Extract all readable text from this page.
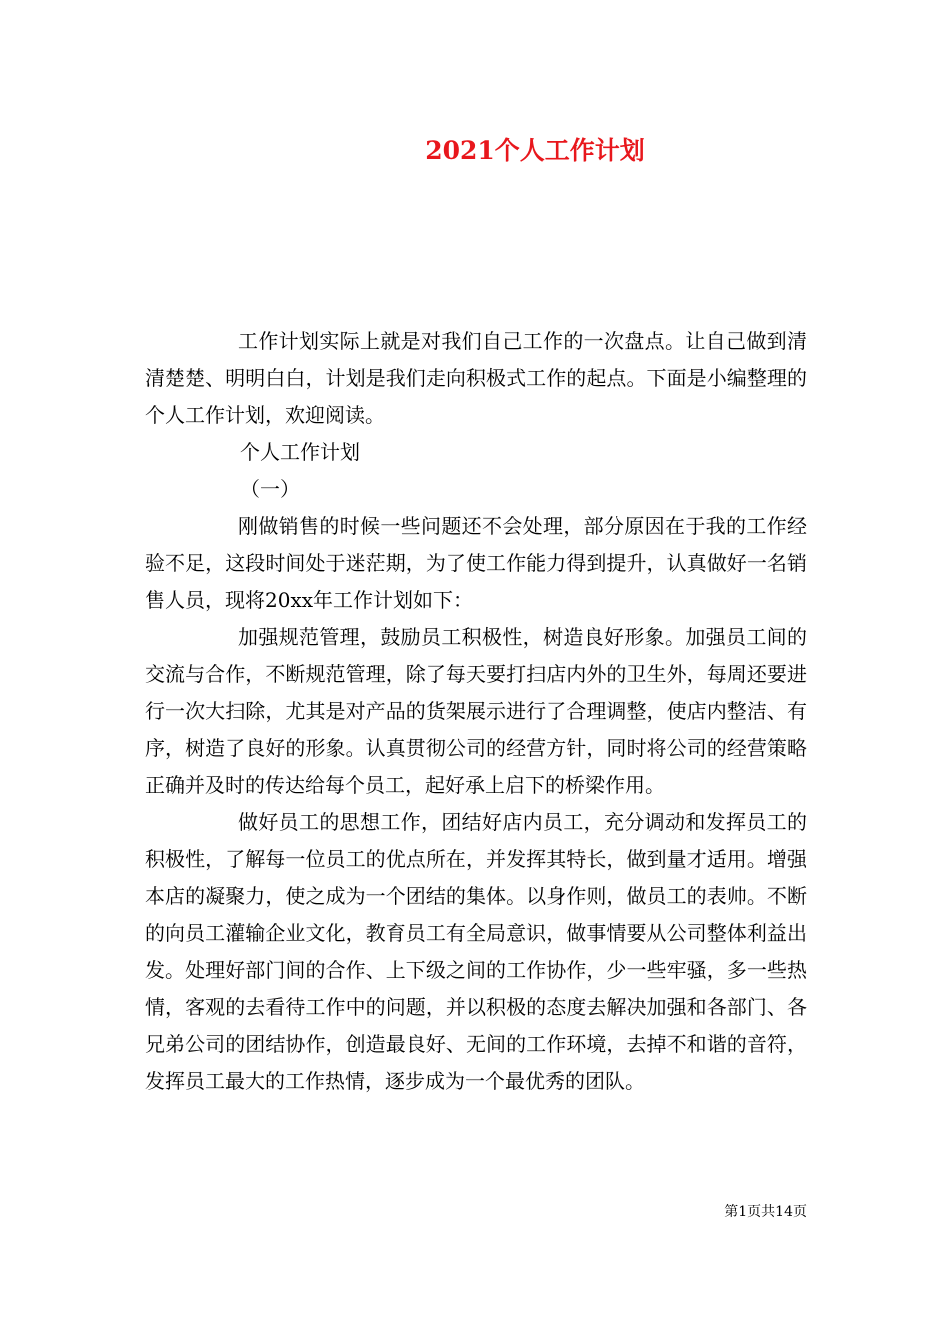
2021个人工作计划

工作计划实际上就是对我们自己工作的一次盘点。让自己做到清清楚楚、明明白白，计划是我们走向积极式工作的起点。下面是小编整理的个人工作计划，欢迎阅读。

个人工作计划

（一）

刚做销售的时候一些问题还不会处理，部分原因在于我的工作经验不足，这段时间处于迷茫期，为了使工作能力得到提升，认真做好一名销售人员，现将20xx年工作计划如下：

加强规范管理，鼓励员工积极性，树造良好形象。加强员工间的交流与合作，不断规范管理，除了每天要打扫店内外的卫生外，每周还要进行一次大扫除，尤其是对产品的货架展示进行了合理调整，使店内整洁、有序，树造了良好的形象。认真贯彻公司的经营方针，同时将公司的经营策略正确并及时的传达给每个员工，起好承上启下的桥梁作用。

做好员工的思想工作，团结好店内员工，充分调动和发挥员工的积极性，了解每一位员工的优点所在，并发挥其特长，做到量才适用。增强本店的凝聚力，使之成为一个团结的集体。以身作则，做员工的表帅。不断的向员工灌输企业文化，教育员工有全局意识，做事情要从公司整体利益出发。处理好部门间的合作、上下级之间的工作协作，少一些牢骚，多一些热情，客观的去看待工作中的问题，并以积极的态度去解决加强和各部门、各兄弟公司的团结协作，创造最良好、无间的工作环境，去掉不和谐的音符，发挥员工最大的工作热情，逐步成为一个最优秀的团队。

第1页共14页
